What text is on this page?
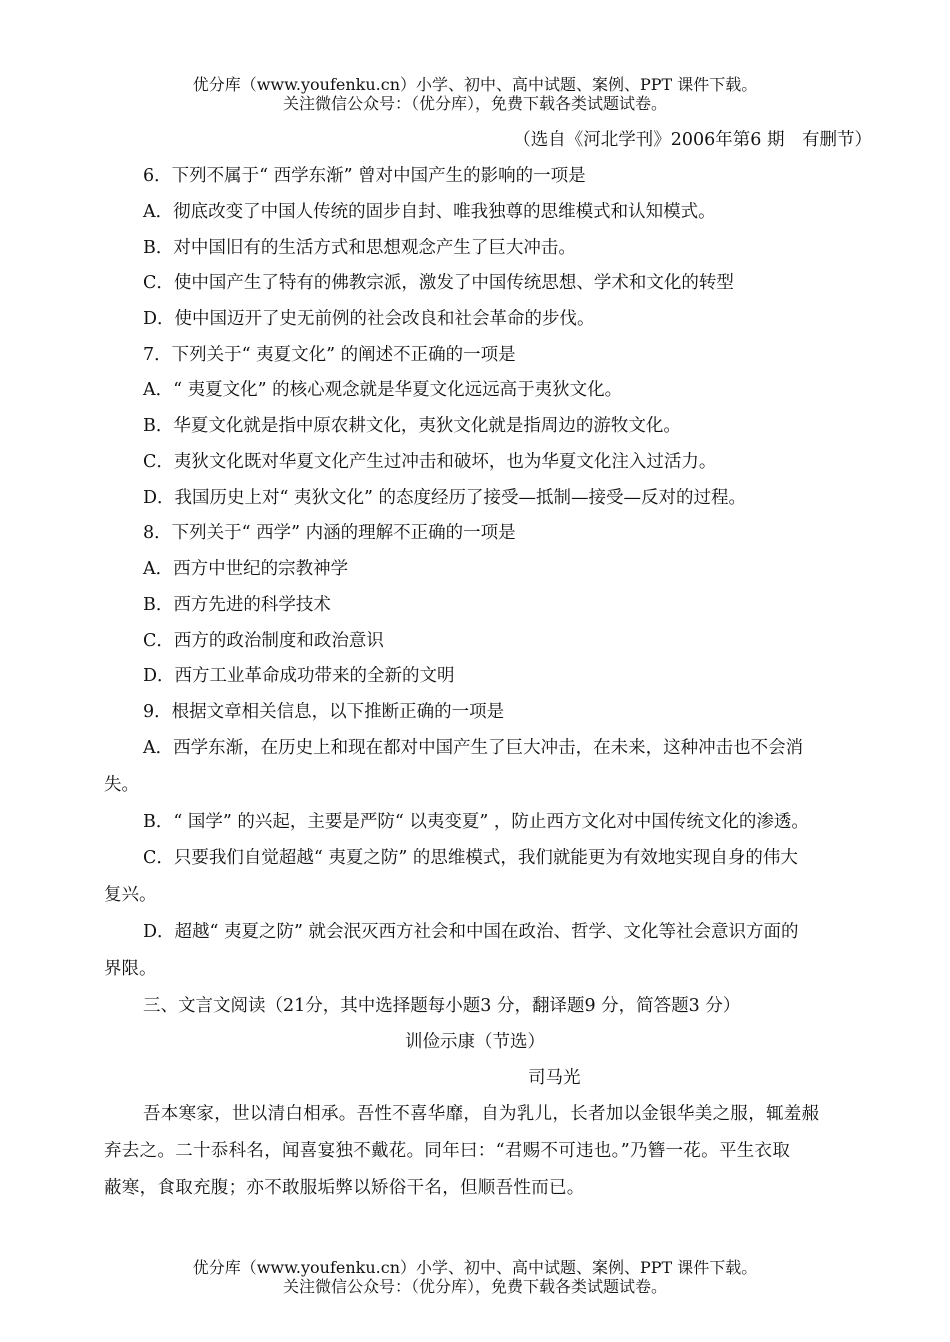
优分库（www.youfenku.cn）小学、初中、高中试题、案例、PPT 课件下载。
关注微信公众号：（优分库），免费下载各类试题试卷。
（选自《河北学刊》2006年第6 期　有删节）
6．下列不属于“ 西学东渐” 曾对中国产生的影响的一项是
A．彻底改变了中国人传统的固步自封、唯我独尊的思维模式和认知模式。
B．对中国旧有的生活方式和思想观念产生了巨大冲击。
C．使中国产生了特有的佛教宗派，激发了中国传统思想、学术和文化的转型
D．使中国迈开了史无前例的社会改良和社会革命的步伐。
7．下列关于“ 夷夏文化” 的阐述不正确的一项是
A．“ 夷夏文化” 的核心观念就是华夏文化远远高于夷狄文化。
B．华夏文化就是指中原农耕文化，夷狄文化就是指周边的游牧文化。
C．夷狄文化既对华夏文化产生过冲击和破坏，也为华夏文化注入过活力。
D．我国历史上对“ 夷狄文化” 的态度经历了接受—抵制—接受—反对的过程。
8．下列关于“ 西学” 内涵的理解不正确的一项是
A．西方中世纪的宗教神学
B．西方先进的科学技术
C．西方的政治制度和政治意识
D．西方工业革命成功带来的全新的文明
9．根据文章相关信息，以下推断正确的一项是
A．西学东渐，在历史上和现在都对中国产生了巨大冲击，在未来，这种冲击也不会消
失。
B．“ 国学” 的兴起，主要是严防“ 以夷变夏” ，防止西方文化对中国传统文化的渗透。
C．只要我们自觉超越“ 夷夏之防” 的思维模式，我们就能更为有效地实现自身的伟大
复兴。
D．超越“ 夷夏之防” 就会泯灭西方社会和中国在政治、哲学、文化等社会意识方面的
界限。
三、文言文阅读（21分，其中选择题每小题3 分，翻译题9 分，简答题3 分）
训俭示康（节选）
司马光
吾本寒家，世以清白相承。吾性不喜华靡，自为乳儿，长者加以金银华美之服，辄羞赧
弃去之。二十忝科名，闻喜宴独不戴花。同年曰：“君赐不可违也。”乃簪一花。平生衣取
蔽寒，食取充腹；亦不敢服垢弊以矫俗干名，但顺吾性而已。
优分库（www.youfenku.cn）小学、初中、高中试题、案例、PPT 课件下载。
关注微信公众号：（优分库），免费下载各类试题试卷。
